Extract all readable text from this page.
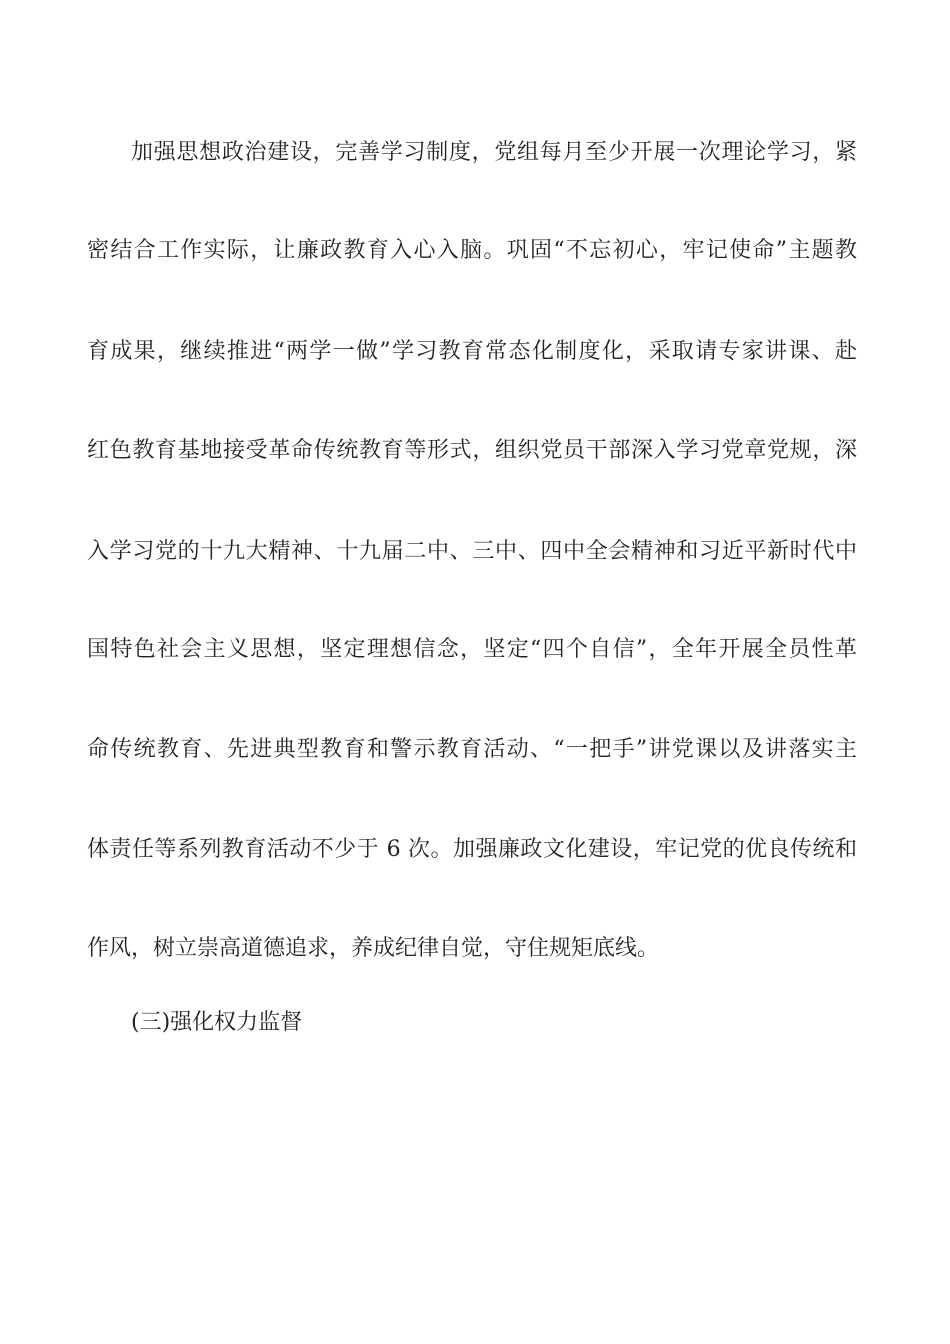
加强思想政治建设，完善学习制度，党组每月至少开展一次理论学习，紧
密结合工作实际，让廉政教育入心入脑。巩固“不忘初心，牢记使命”主题教
育成果，继续推进“两学一做”学习教育常态化制度化，采取请专家讲课、赴
红色教育基地接受革命传统教育等形式，组织党员干部深入学习党章党规，深
入学习党的十九大精神、十九届二中、三中、四中全会精神和习近平新时代中
国特色社会主义思想，坚定理想信念，坚定“四个自信”，全年开展全员性革
命传统教育、先进典型教育和警示教育活动、“一把手”讲党课以及讲落实主
体责任等系列教育活动不少于 6 次。加强廉政文化建设，牢记党的优良传统和
作风，树立崇高道德追求，养成纪律自觉，守住规矩底线。
(三)强化权力监督
